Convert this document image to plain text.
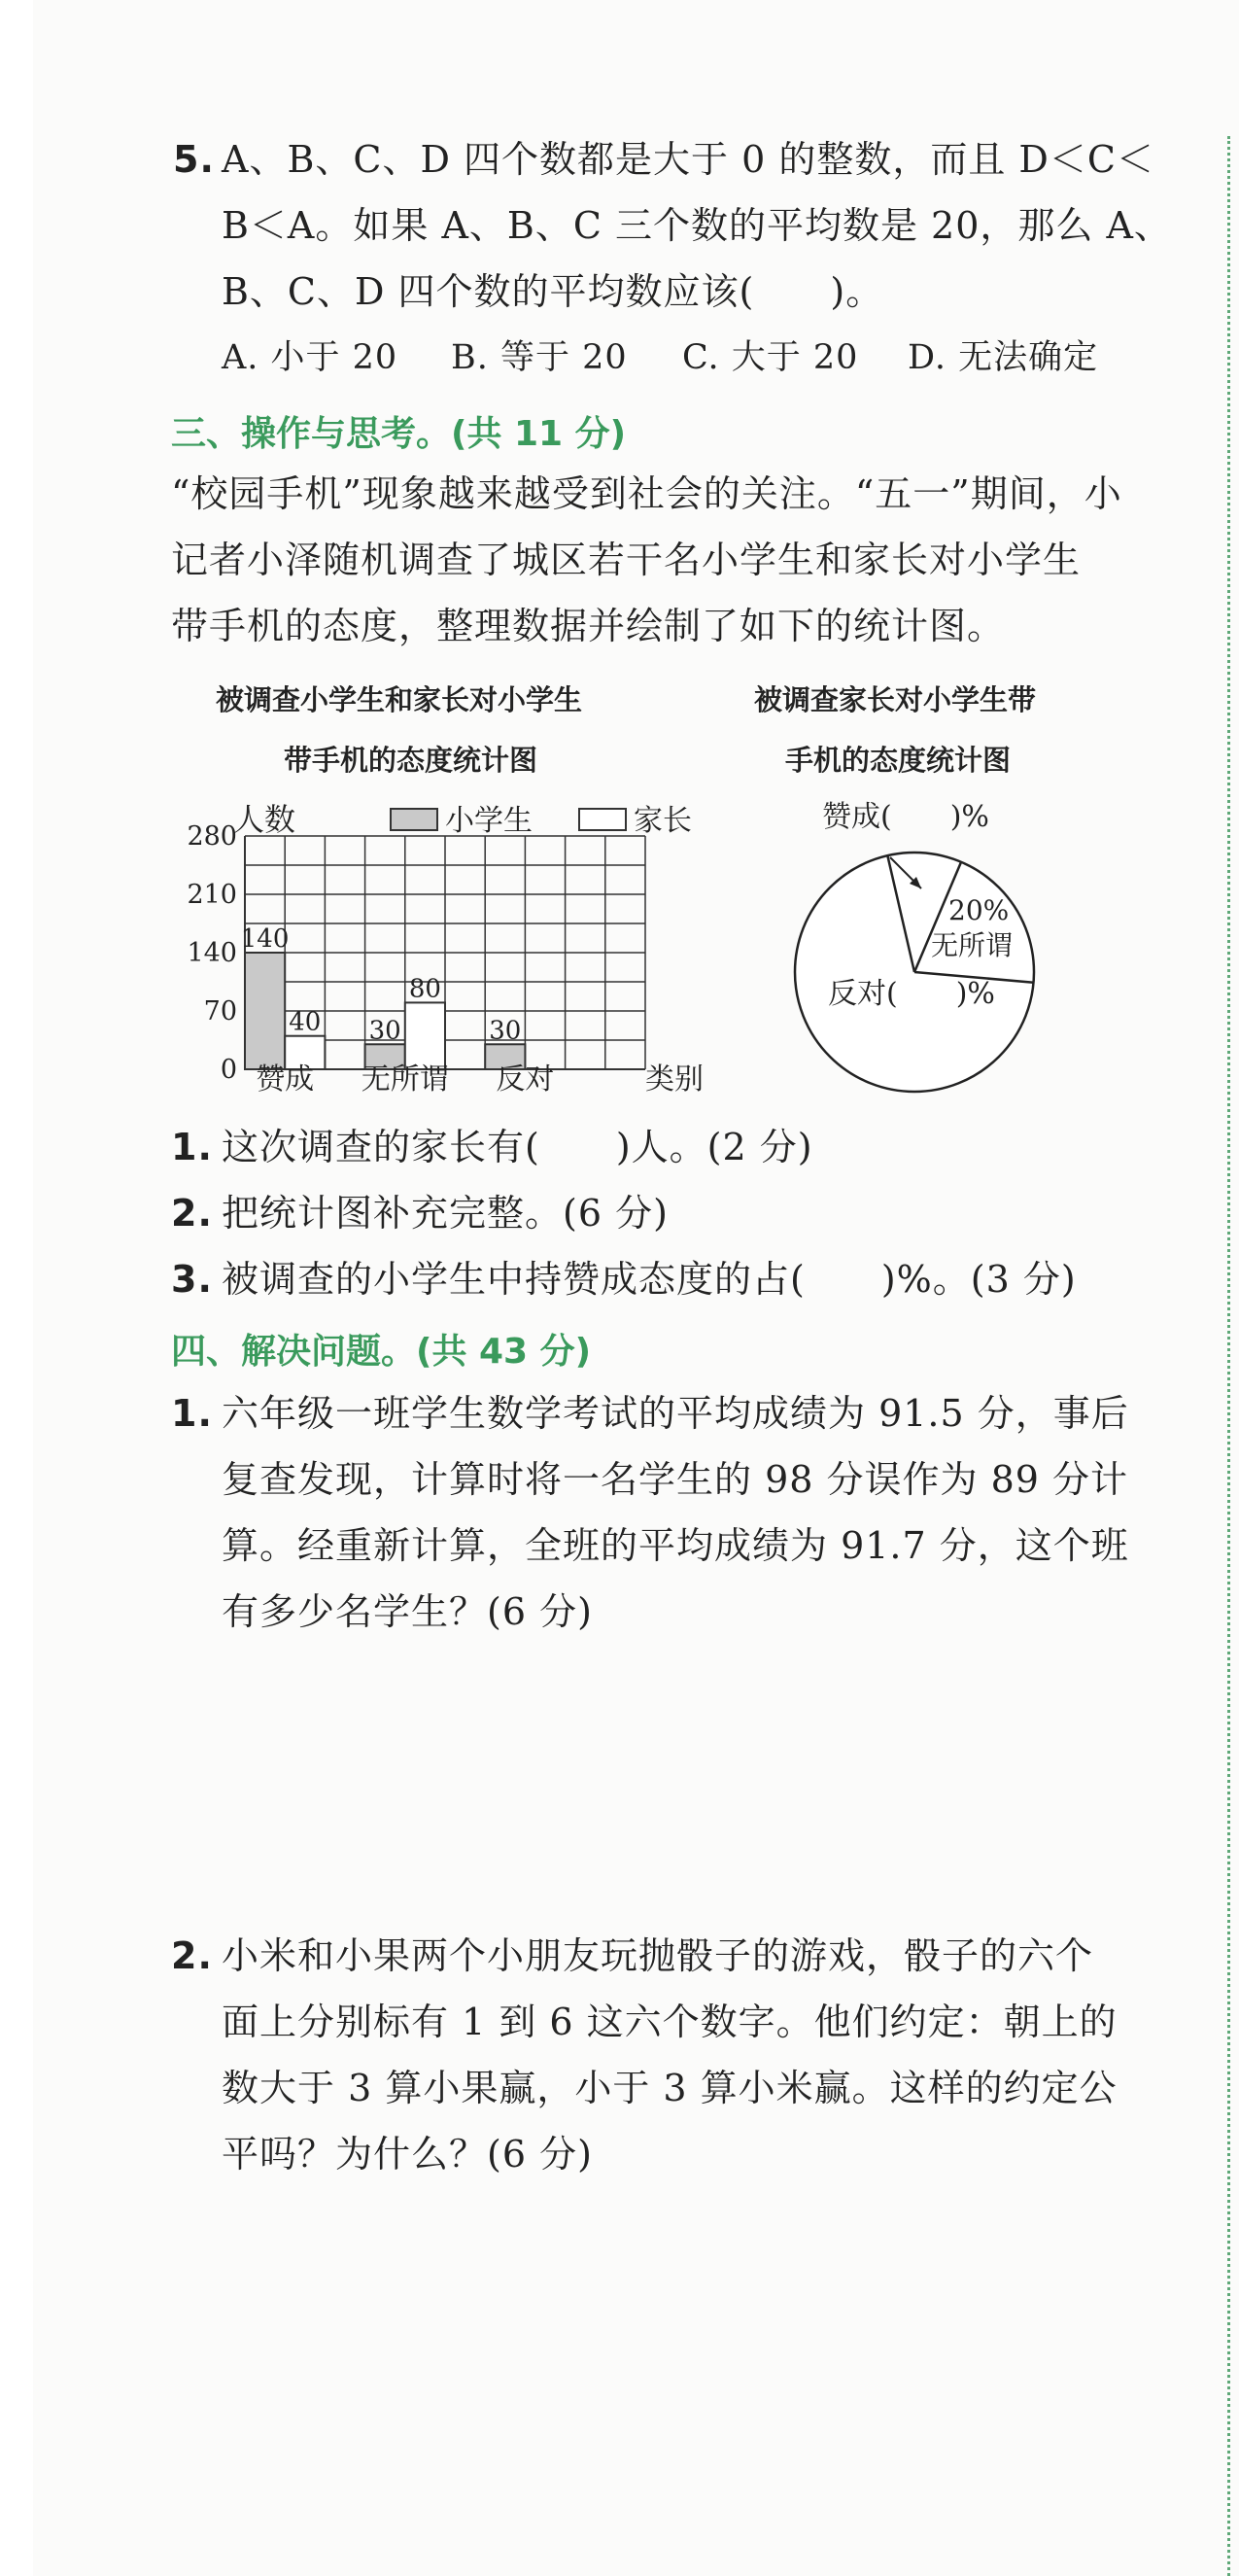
5. A、B、C、D 四个数都是大于 0 的整数，而且 D＜C＜
B＜A。如果 A、B、C 三个数的平均数是 20，那么 A、
B、C、D 四个数的平均数应该(　　)。
A. 小于 20 B. 等于 20 C. 大于 20 D. 无法确定
三、操作与思考。(共 11 分)
“校园手机”现象越来越受到社会的关注。“五一”期间，小
记者小泽随机调查了城区若干名小学生和家长对小学生
带手机的态度，整理数据并绘制了如下的统计图。
被调查小学生和家长对小学生
带手机的态度统计图
被调查家长对小学生带
手机的态度统计图
人数	小学生	家长
0
70
140
210
280
140
40 30
80
30
赞成 无所谓 反对	类别
赞成(　　)%
20%
无所谓
反对(　　)%
1. 这次调查的家长有(　　)人。(2 分)
2. 把统计图补充完整。(6 分)
3. 被调查的小学生中持赞成态度的占(　　)%。(3 分)
四、解决问题。(共 43 分)
1. 六年级一班学生数学考试的平均成绩为 91.5 分，事后
复查发现，计算时将一名学生的 98 分误作为 89 分计
算。经重新计算，全班的平均成绩为 91.7 分，这个班
有多少名学生？(6 分)
2. 小米和小果两个小朋友玩抛骰子的游戏，骰子的六个
面上分别标有 1 到 6 这六个数字。他们约定：朝上的
数大于 3 算小果赢，小于 3 算小米赢。这样的约定公
平吗？为什么？(6 分)
